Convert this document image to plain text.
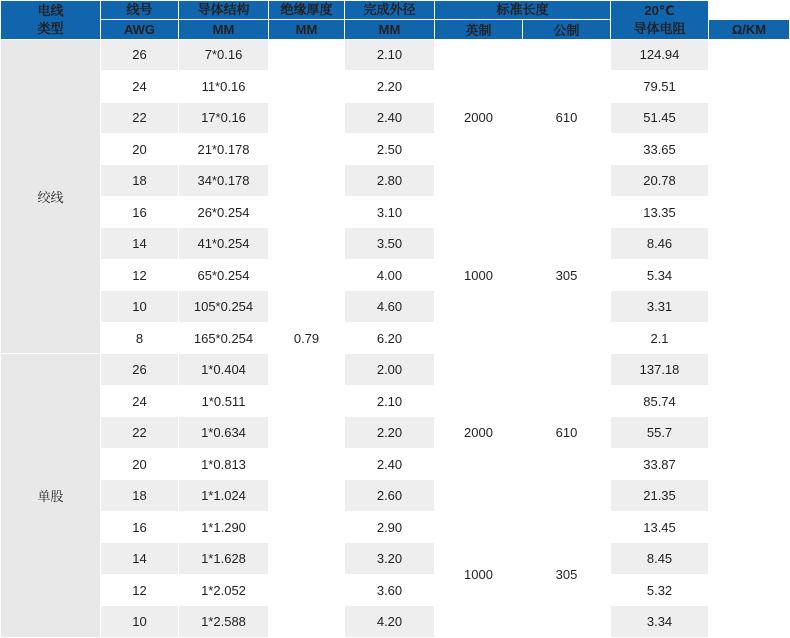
电线
类型	线号	导体结构	绝缘厚度	完成外径	标准长度		20℃
导体电阻	
	AWG	MM	MM	MM	英制	公制		Ω/KM
绞线	26	7*0.16	0.79	2.10	2000	610	124.94	
	24	11*0.16		2.20			79.51	
	22	17*0.16		2.40			51.45	
	20	21*0.178		2.50			33.65	
	18	34*0.178		2.80			20.78	
	16	26*0.254		3.10	1000	305	13.35	
	14	41*0.254		3.50			8.46	
	12	65*0.254		4.00			5.34	
	10	105*0.254		4.60			3.31	
	8	165*0.254		6.20			2.1	
单股	26	1*0.404		2.00	2000	610	137.18	
	24	1*0.511		2.10			85.74	
	22	1*0.634		2.20			55.7	
	20	1*0.813		2.40			33.87	
	18	1*1.024		2.60			21.35	
	16	1*1.290		2.90	1000	305	13.45	
	14	1*1.628		3.20			8.45	
	12	1*2.052		3.60			5.32	
	10	1*2.588		4.20			3.34	
